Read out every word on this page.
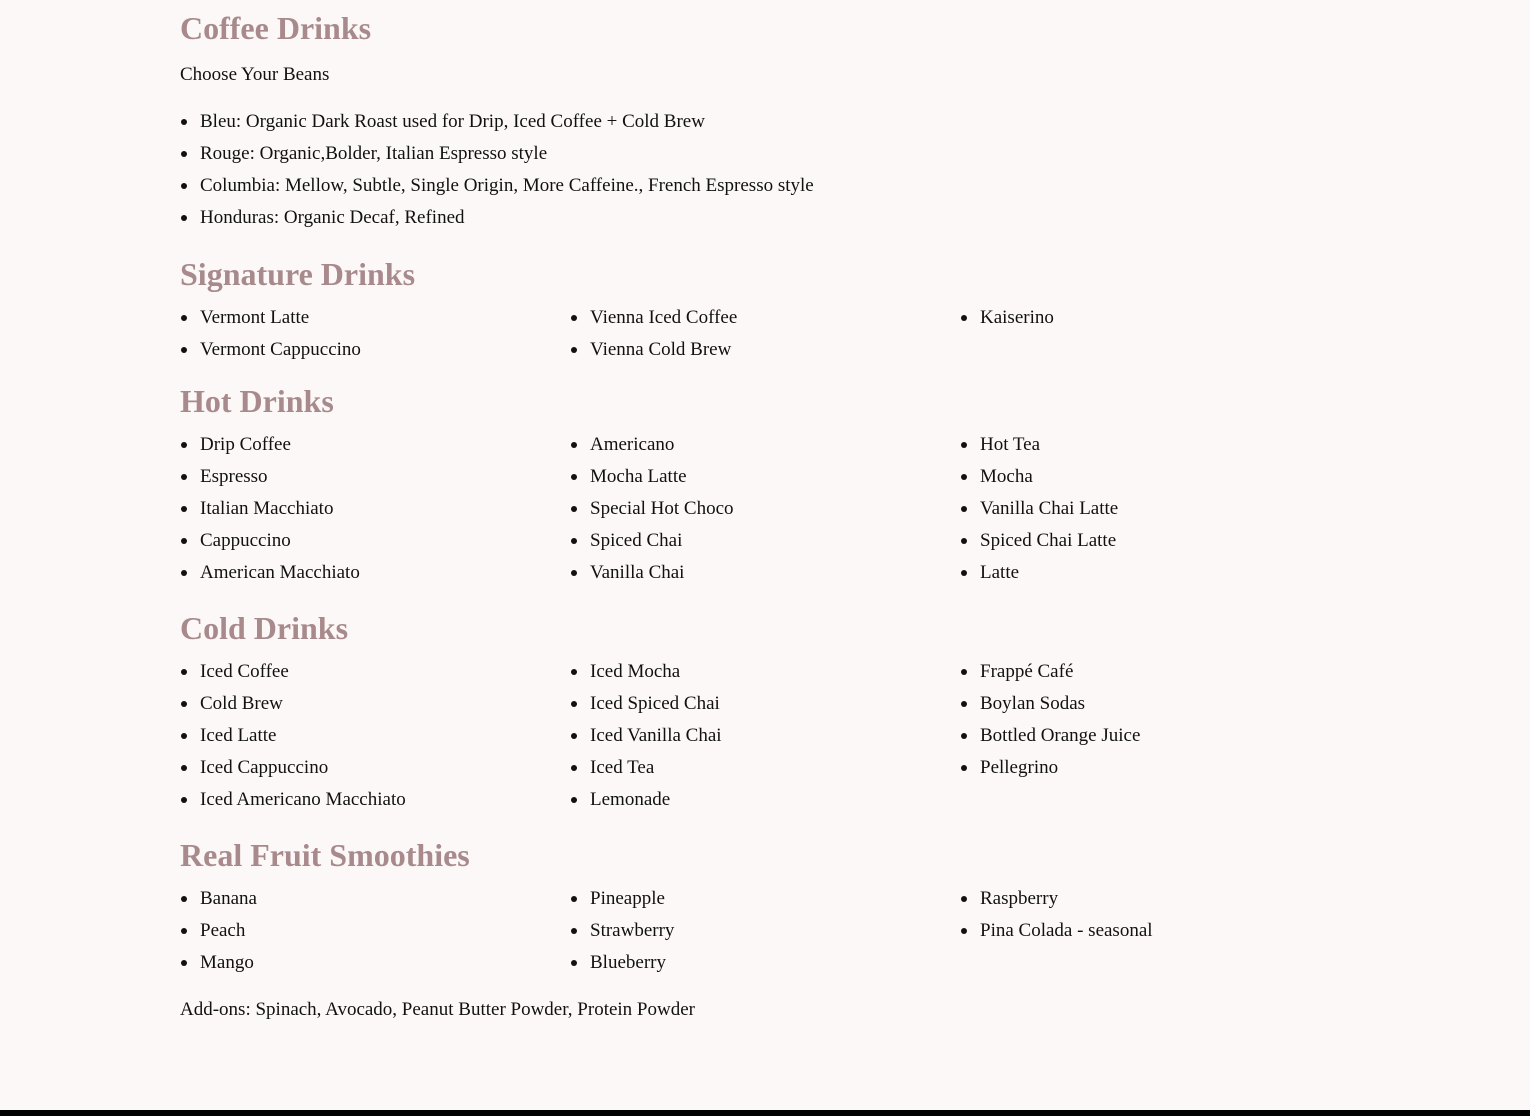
Coffee Drinks

Choose Your Beans

Bleu: Organic Dark Roast used for Drip, Iced Coffee + Cold Brew
Rouge: Organic,Bolder, Italian Espresso style
Columbia: Mellow, Subtle, Single Origin, More Caffeine., French Espresso style
Honduras: Organic Decaf, Refined
Signature Drinks
Vermont Latte
Vermont Cappuccino
Vienna Iced Coffee
Vienna Cold Brew
Kaiserino
Hot Drinks
Drip Coffee
Espresso
Italian Macchiato
Cappuccino
American Macchiato
Americano
Mocha Latte
Special Hot Choco
Spiced Chai
Vanilla Chai
Hot Tea
Mocha
Vanilla Chai Latte
Spiced Chai Latte
Latte
Cold Drinks
Iced Coffee
Cold Brew
Iced Latte
Iced Cappuccino
Iced Americano Macchiato
Iced Mocha
Iced Spiced Chai
Iced Vanilla Chai
Iced Tea
Lemonade
Frappé Café
Boylan Sodas
Bottled Orange Juice
Pellegrino
Real Fruit Smoothies
Banana
Peach
Mango
Pineapple
Strawberry
Blueberry
Raspberry
Pina Colada - seasonal

Add-ons: Spinach, Avocado, Peanut Butter Powder, Protein Powder
